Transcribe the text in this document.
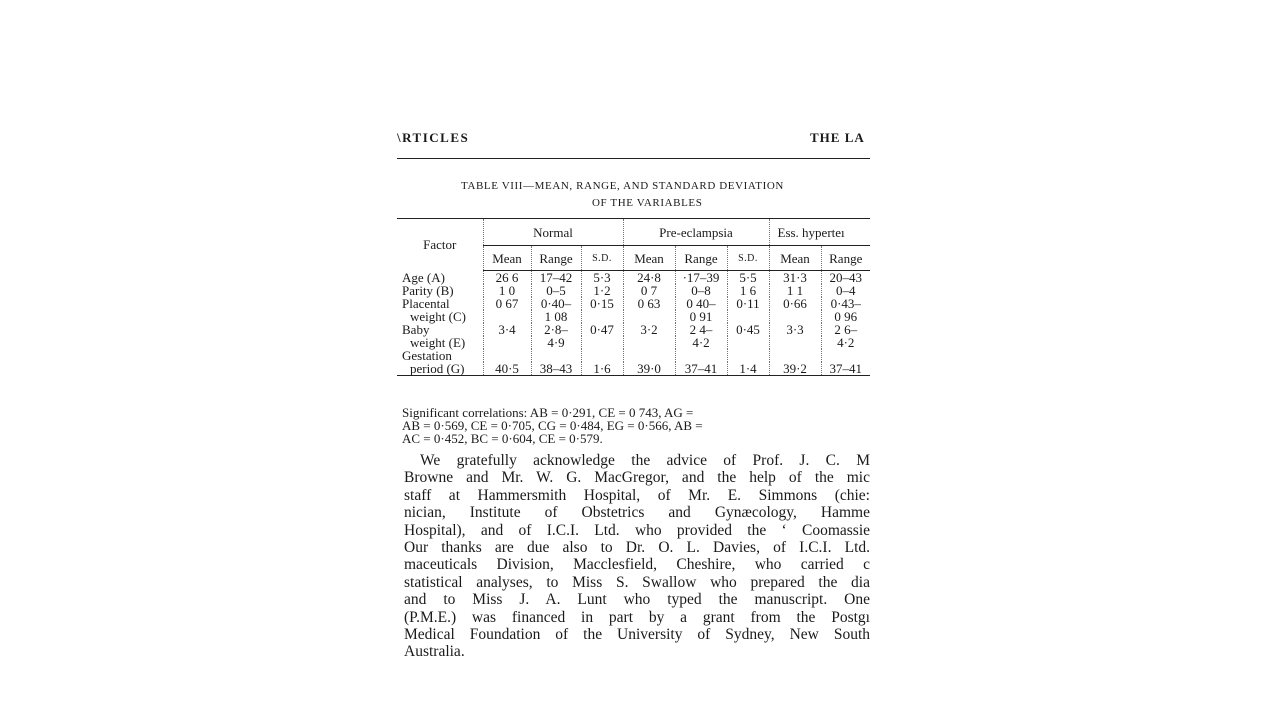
\RTICLES	THE LA
TABLE VIII—MEAN, RANGE, AND STANDARD DEVIATION
OF THE VARIABLES
Factor	Normal			Pre-eclampsia			Ess. hyperteı	
	Mean	Range	S.D.	Mean	Range	S.D.	Mean	Range
Age (A)	26 6	17–42	5·3	24·8	·17–39	5·5	31·3	20–43
Parity (B)	1 0	0–5	1·2	0 7	0–8	1 6	1 1	0–4
Placental	0 67	0·40–	0·15	0 63	0 40–	0·11	0·66	0·43–
weight (C)		1 08			0 91			0 96
Baby	3·4	2·8–	0·47	3·2	2 4–	0·45	3·3	2 6–
weight (E)		4·9			4·2			4·2
Gestation								
period (G)	40·5	38–43	1·6	39·0	37–41	1·4	39·2	37–41
Significant correlations: AB = 0·291, CE = 0 743, AG =
AB = 0·569, CE = 0·705, CG = 0·484, EG = 0·566, AB =
AC = 0·452, BC = 0·604, CE = 0·579.
We gratefully acknowledge the advice of Prof. J. C. M
Browne and Mr. W. G. MacGregor, and the help of the mic
staff at Hammersmith Hospital, of Mr. E. Simmons (chie:
nician, Institute of Obstetrics and Gynæcology, Hamme
Hospital), and of I.C.I. Ltd. who provided the ‘ Coomassie
Our thanks are due also to Dr. O. L. Davies, of I.C.I. Ltd.
maceuticals Division, Macclesfield, Cheshire, who carried c
statistical analyses, to Miss S. Swallow who prepared the dia
and to Miss J. A. Lunt who typed the manuscript. One
(P.M.E.) was financed in part by a grant from the Postgı
Medical Foundation of the University of Sydney, New South
Australia.
